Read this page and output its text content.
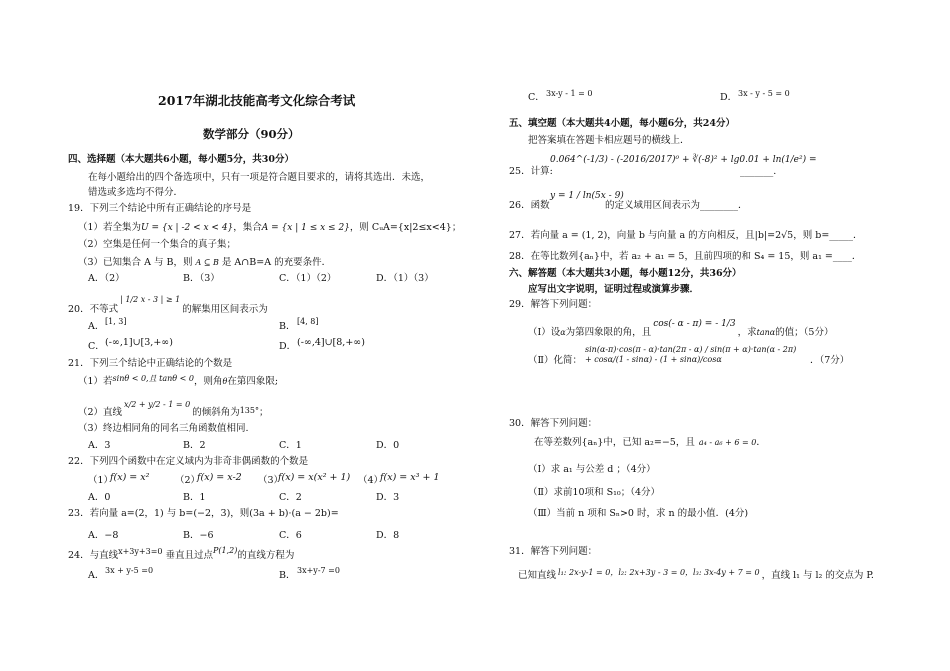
2017年湖北技能高考文化综合考试
数学部分（90分）
四、选择题（本大题共6小题，每小题5分，共30分）
在每小题给出的四个备选项中，只有一项是符合题目要求的，请将其选出．未选，
错选或多选均不得分．
19．下列三个结论中所有正确结论的序号是
（1）若全集为U = {x | -2 < x < 4}，集合A = {x | 1 ≤ x ≤ 2}，则 CᵤA={x|2≤x<4}；
（2）空集是任何一个集合的真子集；
（3）已知集合 A 与 B，则 A ⊆ B 是 A∩B=A 的充要条件．
A．（2）	B．（3）	C．（1）（2）	D．（1）（3）
20．不等式$^{| 1/2 x - 3 | \ge 1}$的解集用区间表示为
A． [1, 3]	B． [4, 8]
C． (-∞,1]∪[3,+∞)	D． (-∞,4]∪[8,+∞)
21．下列三个结论中正确结论的个数是
（1）若$^{sin\theta < 0,且 tan\theta < 0}$，则角θ在第四象限;
（2）直线$^{x/2 + y/2 - 1 = 0}$的倾斜角为$^{135^\circ}$；
（3）终边相同角的同名三角函数值相同.
A．3	B．2	C．1	D．0
22．下列四个函数中在定义域内为非奇非偶函数的个数是
（1）
f(x) = x²	（2）
f(x) = x-2 （3）
f(x) = x(x² + 1) （4）
f(x) = x³ + 1
A．0	B．1	C．2	D．3
23．若向量 a=(2，1) 与 b=(−2，3)，则(3a + b)·(a − 2b)=
A．−8	B．−6	C．6	D．8
24．与直线$^{x+3y+3=0}$ 垂直且过点$^{P(1,2)}$的直线方程为
A． 3x + y-5 =0	B． 3x+y-7 =0
C． 3x-y - 1 = 0	D． 3x - y - 5 = 0
五、填空题（本大题共4小题，每小题6分，共24分）
把答案填在答题卡相应题号的横线上．
25．计算:
0.064^(-1/3) - (-2016/2017)⁰ + ∛(-8)² + lg0.01 + ln(1/e²) =
_______.
26．函数
y = 1 / ln(5x - 9)
的定义域用区间表示为________．
27．若向量 a = (1, 2)，向量 b 与向量 a 的方向相反，且|b|=2√5，则 b=_____．
28．在等比数列{aₙ}中，若 a₂ + a₁ = 5，且前四项的和 S₄ = 15，则 a₁ =____．
六、解答题（本大题共3小题，每小题12分，共36分）
应写出文字说明，证明过程或演算步骤．
29．解答下列问题：
（Ⅰ）设α为第四象限的角，且cos(- α - π) = - 1/3，求tanα的值；（5分）
（Ⅱ）化简：
sin(α-π)·cos(π - α)·tan(2π - α) / sin(π + α)·tan(α - 2π) + cosα/(1 - sinα) - (1 + sinα)/cosα	．（7分）
30．解答下列问题：
在等差数列{aₙ}中，已知 a₂=−5，且 a₄ - a₆ + 6 = 0．
（Ⅰ）求 a₁ 与公差 d ；（4分）
（Ⅱ）求前10项和 S₁₀；（4分）
（Ⅲ）当前 n 项和 Sₙ>0 时，求 n 的最小值．(4分)
31．解答下列问题：
已知直线 $^{l_1: 2x-y-1 = 0,l_2: 2x+3y - 3 = 0,l_3: 3x-4y + 7 = 0}$ ，直线 l₁ 与 l₂ 的交点为 P.
